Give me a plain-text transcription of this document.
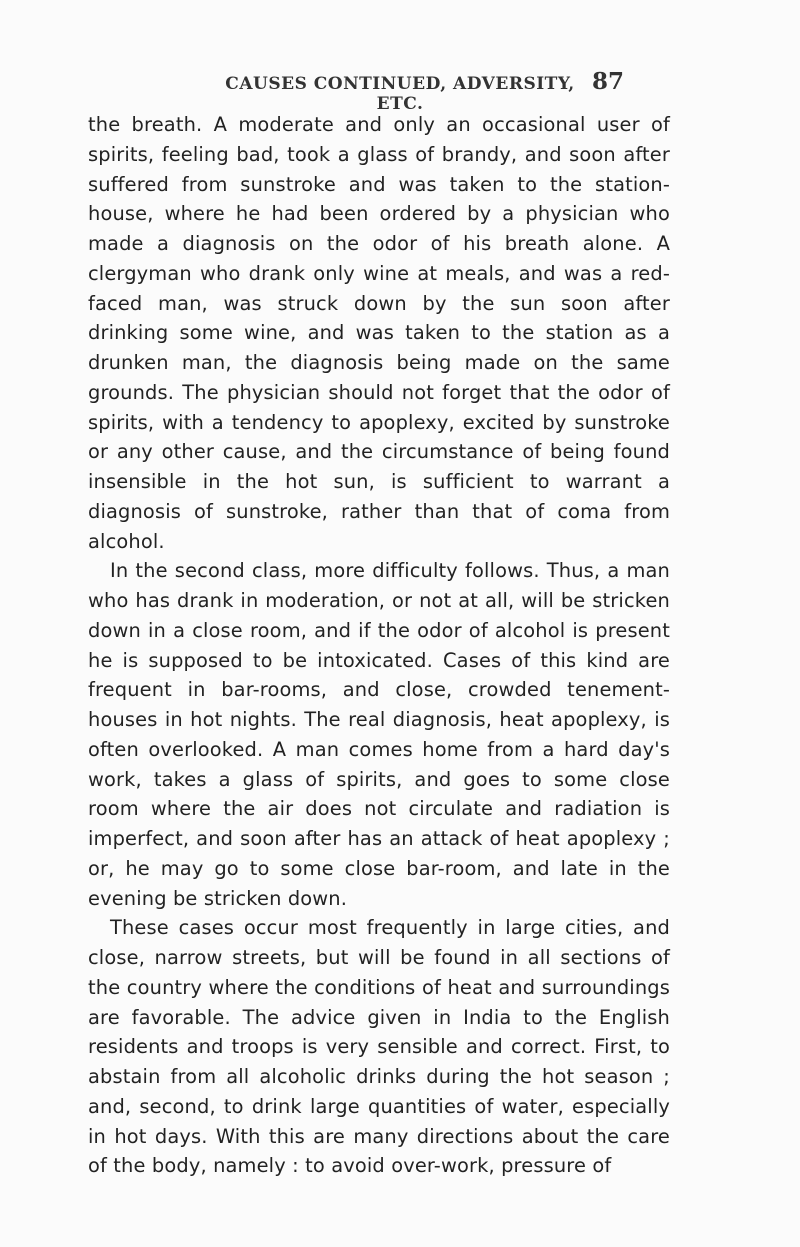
CAUSES CONTINUED, ADVERSITY, ETC.
87

the breath. A moderate and only an occasional user of spirits, feeling bad, took a glass of brandy, and soon after suffered from sunstroke and was taken to the station-house, where he had been ordered by a physician who made a diagnosis on the odor of his breath alone. A clergyman who drank only wine at meals, and was a red-faced man, was struck down by the sun soon after drinking some wine, and was taken to the station as a drunken man, the diagnosis being made on the same grounds. The physician should not forget that the odor of spirits, with a tendency to apoplexy, excited by sunstroke or any other cause, and the circumstance of being found insensible in the hot sun, is sufficient to warrant a diagnosis of sunstroke, rather than that of coma from alcohol.

In the second class, more difficulty follows. Thus, a man who has drank in moderation, or not at all, will be stricken down in a close room, and if the odor of alcohol is present he is supposed to be intoxicated. Cases of this kind are frequent in bar-rooms, and close, crowded tenement-houses in hot nights. The real diagnosis, heat apoplexy, is often overlooked. A man comes home from a hard day's work, takes a glass of spirits, and goes to some close room where the air does not circulate and radiation is imperfect, and soon after has an attack of heat apoplexy ; or, he may go to some close bar-room, and late in the evening be stricken down.

These cases occur most frequently in large cities, and close, narrow streets, but will be found in all sections of the country where the conditions of heat and surroundings are favorable. The advice given in India to the English residents and troops is very sensible and correct. First, to abstain from all alcoholic drinks during the hot season ; and, second, to drink large quantities of water, especially in hot days. With this are many directions about the care of the body, namely : to avoid over-work, pressure of
